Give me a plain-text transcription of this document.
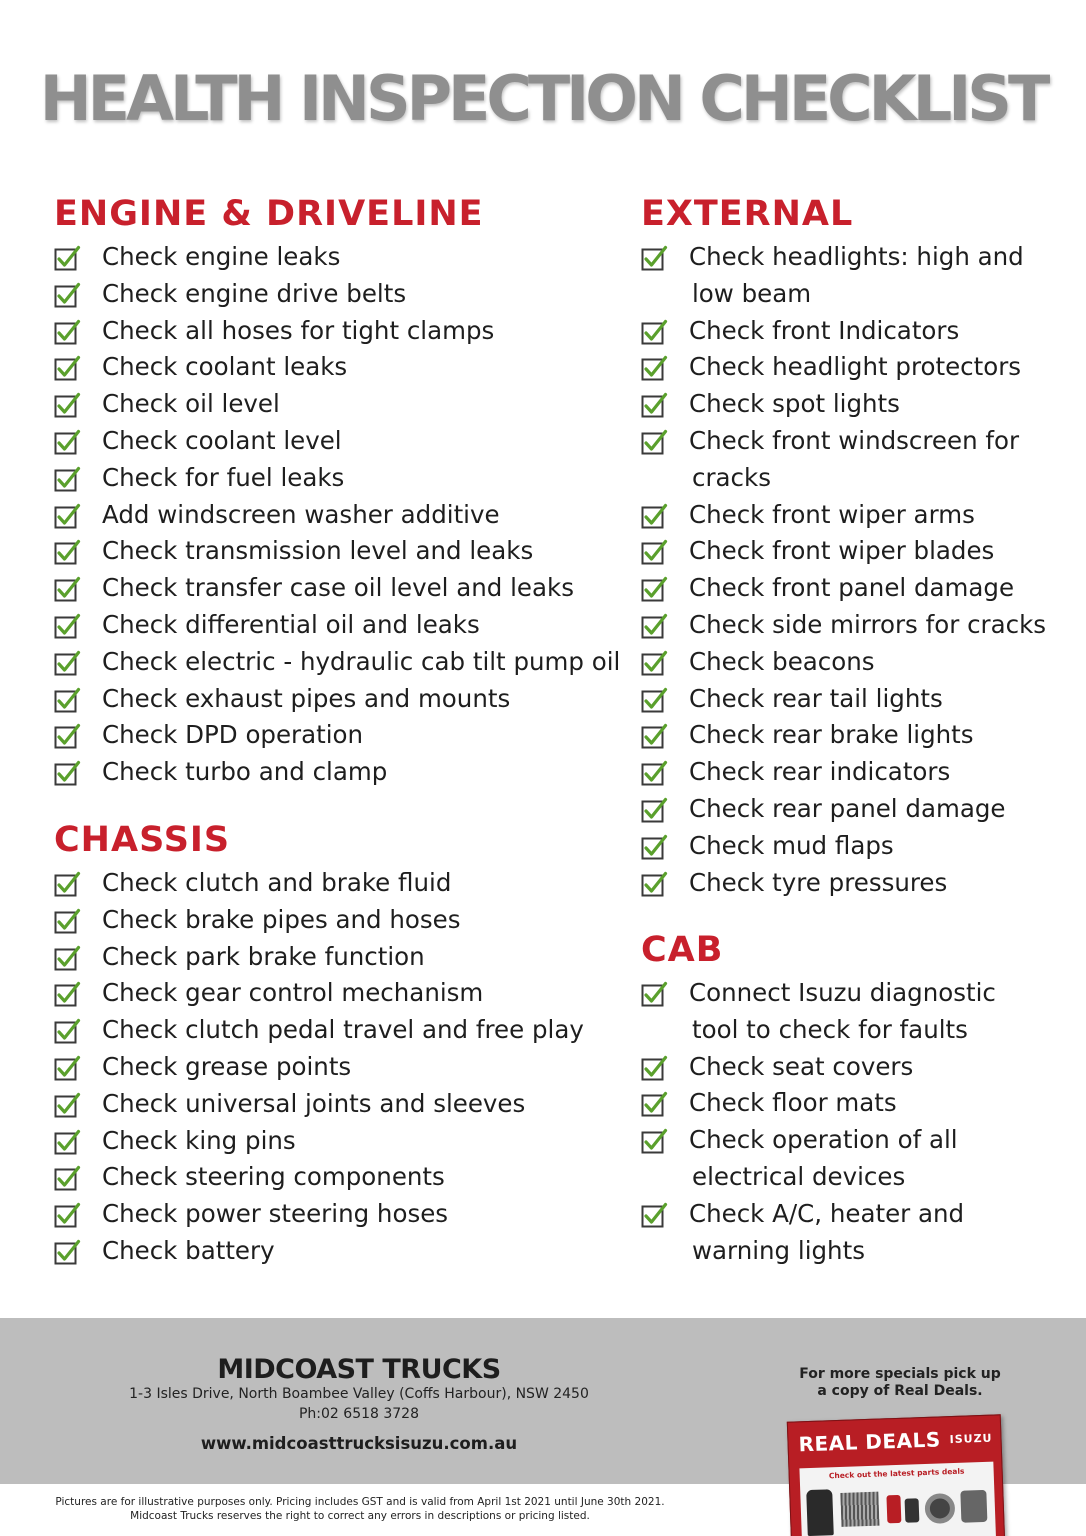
HEALTH INSPECTION CHECKLIST
ENGINE & DRIVELINE
Check engine leaks
Check engine drive belts
Check all hoses for tight clamps
Check coolant leaks
Check oil level
Check coolant level
Check for fuel leaks
Add windscreen washer additive
Check transmission level and leaks
Check transfer case oil level and leaks
Check differential oil and leaks
Check electric - hydraulic cab tilt pump oil
Check exhaust pipes and mounts
Check DPD operation
Check turbo and clamp
CHASSIS
Check clutch and brake fluid
Check brake pipes and hoses
Check park brake function
Check gear control mechanism
Check clutch pedal travel and free play
Check grease points
Check universal joints and sleeves
Check king pins
Check steering components
Check power steering hoses
Check battery
EXTERNAL
Check headlights: high and
low beam
Check front Indicators
Check headlight protectors
Check spot lights
Check front windscreen for
cracks
Check front wiper arms
Check front wiper blades
Check front panel damage
Check side mirrors for cracks
Check beacons
Check rear tail lights
Check rear brake lights
Check rear indicators
Check rear panel damage
Check mud flaps
Check tyre pressures
CAB
Connect Isuzu diagnostic
tool to check for faults
Check seat covers
Check floor mats
Check operation of all
electrical devices
Check A/C, heater and
warning lights
MIDCOAST TRUCKS
1-3 Isles Drive, North Boambee Valley (Coffs Harbour), NSW 2450
Ph:02 6518 3728
www.midcoasttrucksisuzu.com.au
For more specials pick up
a copy of Real Deals.
REAL DEALS ISUZU
Check out the latest parts deals
Pictures are for illustrative purposes only. Pricing includes GST and is valid from April 1st 2021 until June 30th 2021.
Midcoast Trucks reserves the right to correct any errors in descriptions or pricing listed.
